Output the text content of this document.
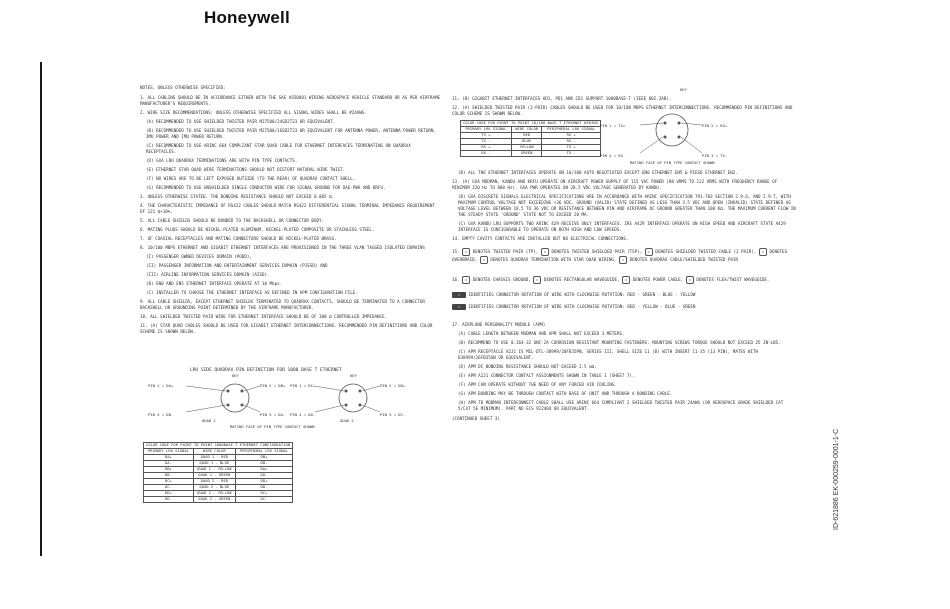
Honeywell
NOTES, UNLESS OTHERWISE SPECIFIED:
1. ALL CABLING SHOULD BE IN ACCORDANCE EITHER WITH THE SAE AS50881 WIRING AEROSPACE VEHICLE STANDARD OR AS PER AIRFRAME MANUFACTURER'S REQUIREMENTS.
2. WIRE SIZE RECOMMENDATIONS: UNLESS OTHERWISE SPECIFIED ALL SIGNAL WIRES SHALL BE #24AWG.
(A) RECOMMENDED TO USE SHIELDED TWISTED PAIR M27500/24SD2T23 OR EQUIVALENT.
(B) RECOMMENDED TO USE SHIELDED TWISTED PAIR M27500/16SD2T23 OR EQUIVALENT FOR ANTENNA POWER, ANTENNA POWER RETURN, IMU POWER AND IMU POWER RETURN.
(C) RECOMMENDED TO USE ARINC 664 COMPLIANT STAR QUAD CABLE FOR ETHERNET INTERFACES TERMINATING ON QUADRAX RECEPTACLES.
(D) GXA LRU QUADRAX TERMINATIONS ARE WITH PIN TYPE CONTACTS.
(E) ETHERNET STAR QUAD WIRE TERMINATIONS SHOULD NOT DISTORT NATURAL WIRE TWIST.
(F) NO WIRES ARE TO BE LEFT EXPOSED OUTSIDE (TO THE REAR) OF QUADRAX CONTACT SHELL.
(G) RECOMMENDED TO USE UNSHIELDED SINGLE CONDUCTOR WIRE FOR SIGNAL GROUND FOR OAE-PWA AND KRFU.
3. UNLESS OTHERWISE STATED, THE BONDING RESISTANCE SHOULD NOT EXCEED 0.005 Ω.
4. THE CHARACTERISTIC IMPEDANCE OF RS422 CABLES SHOULD MATCH RS422 DIFFERENTIAL SIGNAL TERMINAL IMPEDANCE REQUIREMENT OF 121 Ω+10%.
5. ALL CABLE SHIELDS SHOULD BE BONDED TO THE BACKSHELL OR CONNECTOR BODY.
6. MATING PLUGS SHOULD BE NICKEL-PLATED ALUMINUM, NICKEL-PLATED COMPOSITE OR STAINLESS STEEL.
7. OF COAXIAL RECEPTACLES AND MATING CONNECTORS SHOULD BE NICKEL-PLATED BRASS.
8. 10/100 MBPS ETHERNET AND GIGABIT ETHERNET INTERFACES ARE PROVISIONED IN THE THREE VLAN TAGGED ISOLATED DOMAINS
(I) PASSENGER OWNED DEVICES DOMAIN (PODD),
(II) PASSENGER INFORMATION AND ENTERTAINMENT SERVICES DOMAIN (PIESD) AND
(III) AIRLINE INFORMATION SERVICES DOMAIN (AISD).
(B) EN0 AND EN5 ETHERNET INTERFACE OPERATE AT 10 Mbps.
(C) INSTALLER TO CHOOSE THE ETHERNET INTERFACE AS DEFINED IN APM CONFIGURATION FILE.
9. ALL CABLE SHIELDS, EXCEPT ETHERNET SHIELDS TERMINATED TO QUADRAX CONTACTS, SHOULD BE TERMINATED TO A CONNECTOR BACKSHELL OR GROUNDING POINT DETERMINED BY THE AIRFRAME MANUFACTURER.
10. ALL SHIELDED TWISTED PAIR WIRE FOR ETHERNET INTERFACE SHOULD BE OF 100 Ω CONTROLLED IMPEDANCE.
11. (A) STAR QUAD CABLES SHOULD BE USED FOR GIGABIT ETHERNET INTERCONNECTIONS. RECOMMENDED PIN DEFINITIONS AND COLOR SCHEME IS SHOWN BELOW.
LRU SIDE QUADRAX PIN DEFINITION FOR 1000 BASE T ETHERNET
KEY
PIN 1 = DA+	PIN 2 = DB+
PIN 4 = DB-	PIN 3 = DA-
QUAD 1
KEY
PIN 1 = DC+	PIN 2 = DD+
PIN 4 = DD-	PIN 3 = DC-
QUAD 2
MATING FACE OF PIN TYPE CONTACT SHOWN
COLOR CODE FOR POINT TO POINT 1000BASE T ETHERNET CONFIGURATION		
PRIMARY LRU SIGNAL	WIRE COLOR	PERIPHERAL LRU SIGNAL
DA+	QUAD 1 - RED	DB+
DA-	QUAD 1 - BLUE	DB-
DB+	QUAD 1 - YELLOW	DA+
DB-	QUAD 1 - GREEN	DA-
DC+	QUAD 2 - RED	DD+
DC-	QUAD 2 - BLUE	DD-
DD+	QUAD 2 - YELLOW	DC+
DD-	QUAD 2 - GREEN	DC-
11. (B) GIGABIT ETHERNET INTERFACES AD1, PD1 AND CD1 SUPPORT 1000BASE-T (IEEE 802.3AB).
12. (A) SHIELDED TWISTED PAIR (2-PAIR) CABLES SHOULD BE USED FOR 10/100 MBPS ETHERNET INTERCONNECTIONS. RECOMMENDED PIN DEFINITIONS AND COLOR SCHEME IS SHOWN BELOW.
COLOR CODE FOR POINT TO POINT 10/100 BASE T ETHERNET WIRING		
PRIMARY LRU SIGNAL	WIRE COLOR	PERIPHERAL LRU SIGNAL
TX +	RED	RX +
TX -	BLUE	RX -
RX +	YELLOW	TX +
RX -	GREEN	TX -
KEY
PIN 1 = TX+	PIN 2 = RX+
PIN 4 = RX-	PIN 3 = TX-
MATING FACE OF PIN TYPE CONTACT SHOWN
(B) ALL THE ETHERNET INTERFACES OPERATE ON 10/100 AUTO NEGOTIATED EXCEPT EN0 ETHERNET EN5 & PIESD ETHERNET EN2.
13. (A) GXA MODMAN, KANDU AND KRFU OPERATE ON AIRCRAFT POWER SUPPLY OF 115 VAC POWER (88 VRMS TO 122 VRMS WITH FREQUENCY RANGE OF MINIMUM 320 Hz TO 800 Hz). GXA PWR OPERATES ON 28.5 VDC VOLTAGE GENERATED BY KANDU.
(B) GXA DISCRETE SIGNALS ELECTRICAL SPECIFICATIONS ARE IN ACCORDANCE WITH ARINC SPECIFICATION 791-703 SECTION 2.9.6, AND 2.9.7, WITH MAXIMUM CONTROL VOLTAGE NOT EXCEEDING +36 VDC, GROUND (VALID) STATE DEFINED AS LESS THAN 3.5 VDC AND OPEN (INVALID) STATE DEFINED AS VOLTAGE LEVEL BETWEEN 18.5 TO 36 VDC OR RESISTANCE BETWEEN PIN AND AIRFRAME DC GROUND GREATER THAN 100 KΩ. THE MAXIMUM CURRENT FLOW IN THE STEADY STATE 'GROUND' STATE NOT TO EXCEED 20 MA.
(C) GXA KANDU LRU SUPPORTS TWO ARINC 429 RECEIVE ONLY INTERFACES. IRS A429 INTERFACE OPERATE ON HIGH SPEED AND AIRCRAFT STATE A429 INTERFACE IS CONFIGURABLE TO OPERATE ON BOTH HIGH AND LOW SPEEDS.
14. EMPTY CAVITY CONTACTS ARE INSTALLED BUT NO ELECTRICAL CONNECTIONS.
15. ≈ DENOTES TWISTED PAIR (TP), ≈ DENOTES TWISTED SHIELDED PAIR (TSP), ≈ DENOTES SHIELDED TWISTED CABLE (2 PAIR), ≈ DENOTES OVERBRAID, ≈ DENOTES QUADRAX TERMINATION WITH STAR QUAD WIRING, ≈ DENOTES QUADRAX CABLE/SHIELDED TWISTED PAIR
16. ≈ DENOTES CHASSIS GROUND, ≈ DENOTES RECTANGULAR WAVEGUIDE, ≈ DENOTES POWER CABLE, ≈ DENOTES FLEX/TWIST WAVEGUIDE.
⇒ IDENTIFIES CONNECTOR ROTATION OF WIRE WITH CLOCKWISE ROTATION: RED - GREEN - BLUE - YELLOW
⇒ IDENTIFIES CONNECTOR ROTATION OF WIRE WITH CLOCKWISE ROTATION: RED - YELLOW - BLUE - GREEN
17. AIRPLANE PERSONALITY MODULE (APM)
(A) CABLE LENGTH BETWEEN MODMAN AND APM SHALL NOT EXCEED 3 METERS.
(B) RECOMMEND TO USE 0.164-32 UNC-2A CORROSION RESISTANT MOUNTING FASTENERS. MOUNTING SCREWS TORQUE SHOULD NOT EXCEED 25 IN-LBS.
(C) APM RECEPTACLE A2J1 IS MIL-DTL-38999/20FB35PN, SERIES III, SHELL SIZE 11 (B) WITH INSERT 11-35 (13 PIN), MATES WITH D38999/26FB35SN OR EQUIVALENT.
(D) APM DC BONDING RESISTANCE SHOULD NOT EXCEED 2.5 mΩ.
(E) APM A2J1 CONNECTOR CONTACT ASSIGNMENTS SHOWN IN TABLE 1 (SHEET 7).
(F) APM CAN OPERATE WITHOUT THE NEED OF ANY FORCED AIR COOLING.
(G) APM BONDING MAY BE THROUGH CONTACT WITH BASE OF UNIT AND THROUGH A BONDING CABLE.
(H) APM TO MODMAN INTERCONNECT CABLE SHALL USE ARINC 664 COMPLIANT 2 SHIELDED TWISTED PAIR 24AWG (OR AEROSPACE GRADE SHIELDED CAT 5/CAT 5E MINIMUM). PART NO ECS 922404 OR EQUIVALENT.
(CONTINUED SHEET 3)
ID-621886 EK-000259-0001-1-C
